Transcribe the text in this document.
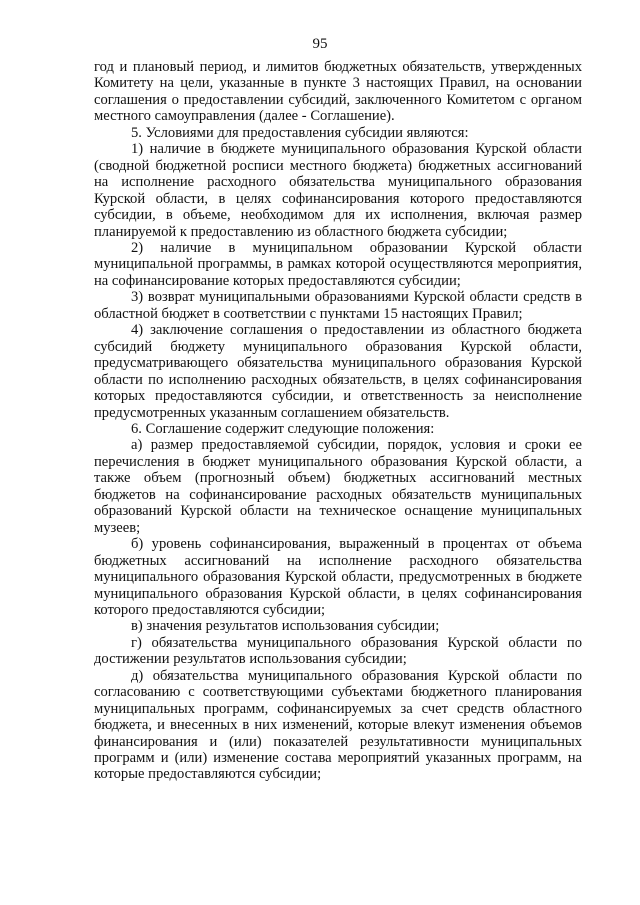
95

год и плановый период, и лимитов бюджетных обязательств, утвержденных Комитету на цели, указанные в пункте 3 настоящих Правил, на основании соглашения о предоставлении субсидий, заключенного Комитетом с органом местного самоуправления (далее - Соглашение).

5. Условиями для предоставления субсидии являются:

1) наличие в бюджете муниципального образования Курской области (сводной бюджетной росписи местного бюджета) бюджетных ассигнований на исполнение расходного обязательства муниципального образования Курской области, в целях софинансирования которого предоставляются субсидии, в объеме, необходимом для их исполнения, включая размер планируемой к предоставлению из областного бюджета субсидии;

2) наличие в муниципальном образовании Курской области муниципальной программы, в рамках которой осуществляются мероприятия, на софинансирование которых предоставляются субсидии;

3) возврат муниципальными образованиями Курской области средств в областной бюджет в соответствии с пунктами 15 настоящих Правил;

4) заключение соглашения о предоставлении из областного бюджета субсидий бюджету муниципального образования Курской области, предусматривающего обязательства муниципального образования Курской области по исполнению расходных обязательств, в целях софинансирования которых предоставляются субсидии, и ответственность за неисполнение предусмотренных указанным соглашением обязательств.

6. Соглашение содержит следующие положения:

а) размер предоставляемой субсидии, порядок, условия и сроки ее перечисления в бюджет муниципального образования Курской области, а также объем (прогнозный объем) бюджетных ассигнований местных бюджетов на софинансирование расходных обязательств муниципальных образований Курской области на техническое оснащение муниципальных музеев;

б) уровень софинансирования, выраженный в процентах от объема бюджетных ассигнований на исполнение расходного обязательства муниципального образования Курской области, предусмотренных в бюджете муниципального образования Курской области, в целях софинансирования которого предоставляются субсидии;

в) значения результатов использования субсидии;

г) обязательства муниципального образования Курской области по достижении результатов использования субсидии;

д) обязательства муниципального образования Курской области по согласованию с соответствующими субъектами бюджетного планирования муниципальных программ, софинансируемых за счет средств областного бюджета, и внесенных в них изменений, которые влекут изменения объемов финансирования и (или) показателей результативности муниципальных программ и (или) изменение состава мероприятий указанных программ, на которые предоставляются субсидии;
